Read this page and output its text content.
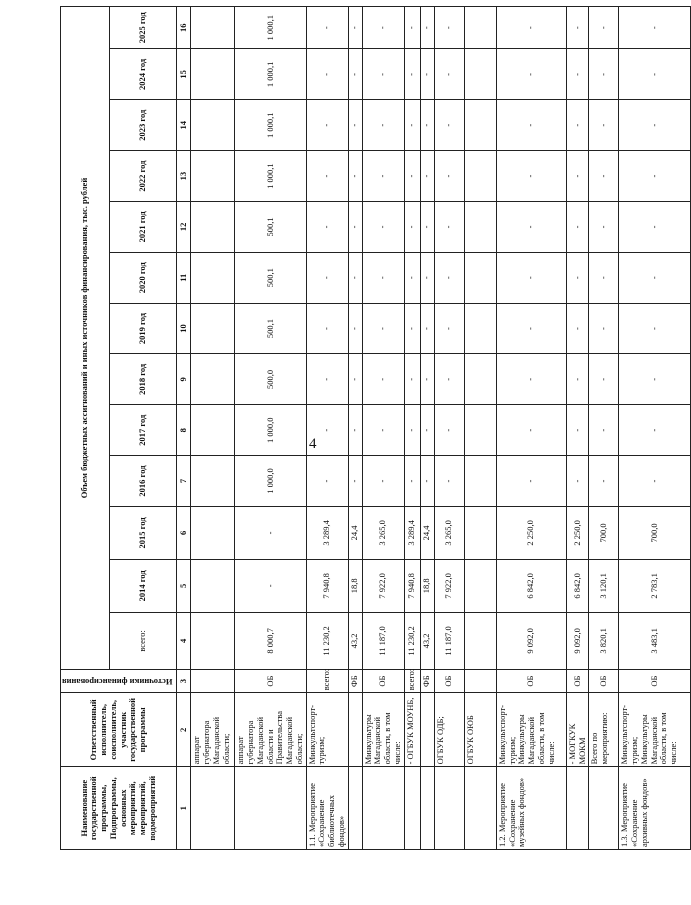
4
Наименование государственной программы, Подпрограммы, основных мероприятий, мероприятий, подмероприятий	Ответственный исполнитель, соисполнитель, участник государственной программы	Источники финансирования	Объем бюджетных ассигнований и иных источников финансирования, тыс. рублей												
			всего:	2014 год	2015 год	2016 год	2017 год	2018 год	2019 год	2020 год	2021 год	2022 год	2023 год	2024 год	2025 год
1	2	3	4	5	6	7	8	9	10	11	12	13	14	15	16
	аппарат губернатора Магаданской области;														
	аппарат губернатора Магаданской области и Правительства Магаданской области;	ОБ	8 000,7	-	-	1 000,0	1 000,0	500,0	500,1	500,1	500,1	1 000,1	1 000,1	1 000,1	1 000,1
1.1. Мероприятие «Сохранение библиотечных фондов»	Минкультспорт-туризм;	всего:	11 230,2	7 940,8	3 289,4	-	-	-	-	-	-	-	-	-	-
		ФБ	43,2	18,8	24,4	-	-	-	-	-	-	-	-	-	-
	Минкультуры Магаданской области, в том числе:	ОБ	11 187,0	7 922,0	3 265,0	-	-	-	-	-	-	-	-	-	-
	- ОГБУК МОУНБ,	всего:	11 230,2	7 940,8	3 289,4	-	-	-	-	-	-	-	-	-	-
		ФБ	43,2	18,8	24,4	-	-	-	-	-	-	-	-	-	-
	ОГБУК ОДБ;	ОБ	11 187,0	7 922,0	3 265,0	-	-	-	-	-	-	-	-	-	-
	ОГБУК ОЮБ														
1.2. Мероприятие «Сохранение музейных фондов»	Минкультспорт-туризм; Минкультуры Магаданской области, в том числе:	ОБ	9 092,0	6 842,0	2 250,0	-	-	-	-	-	-	-	-	-	-
	- МОГКУК МОКМ	ОБ	9 092,0	6 842,0	2 250,0	-	-	-	-	-	-	-	-	-	-
	Всего по мероприятию:	ОБ	3 820,1	3 120,1	700,0	-	-	-	-	-	-	-	-	-	-
1.3. Мероприятие «Сохранение архивных фондов»	Минкультспорт-туризм; Минкультуры Магаданской области, в том числе:	ОБ	3 483,1	2 783,1	700,0	-	-	-	-	-	-	-	-	-	-
